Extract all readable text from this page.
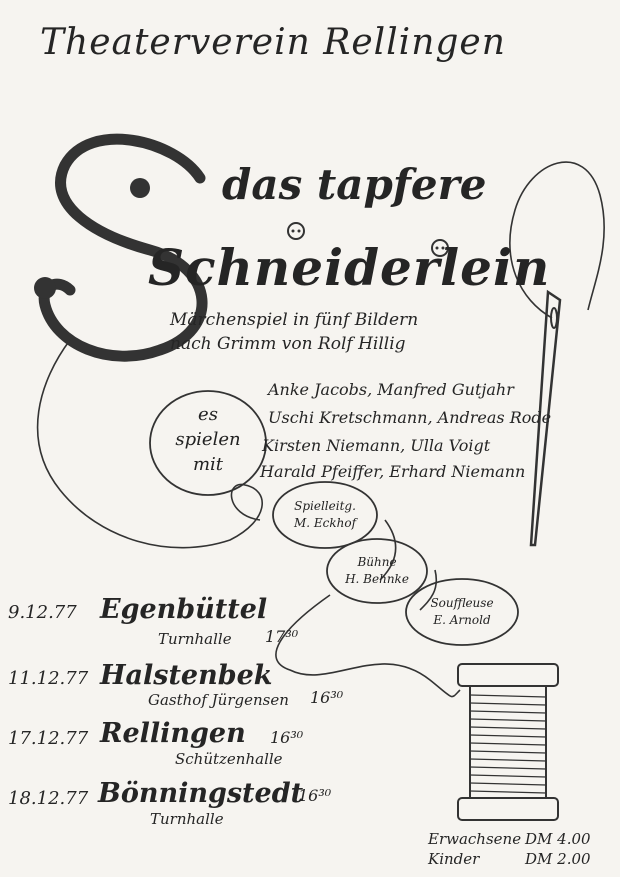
Theaterverein Rellingen
das tapfere
Schneiderlein
Märchenspiel in fünf Bildern
nach Grimm von Rolf Hillig
es
spielen
mit
Anke Jacobs, Manfred Gutjahr
Uschi Kretschmann, Andreas Rode
Kirsten Niemann, Ulla Voigt
Harald Pfeiffer, Erhard Niemann
Spielleitg.
M. Eckhof
Bühne
H. Behnke
Souffleuse
E. Arnold
9.12.77 Egenbüttel
Turnhalle 17³⁰
11.12.77 Halstenbek
Gasthof Jürgensen 16³⁰
17.12.77 Rellingen
Schützenhalle
16³⁰
18.12.77 Bönningstedt
Turnhalle
16³⁰
Erwachsene DM 4.00
Kinder	DM 2.00
